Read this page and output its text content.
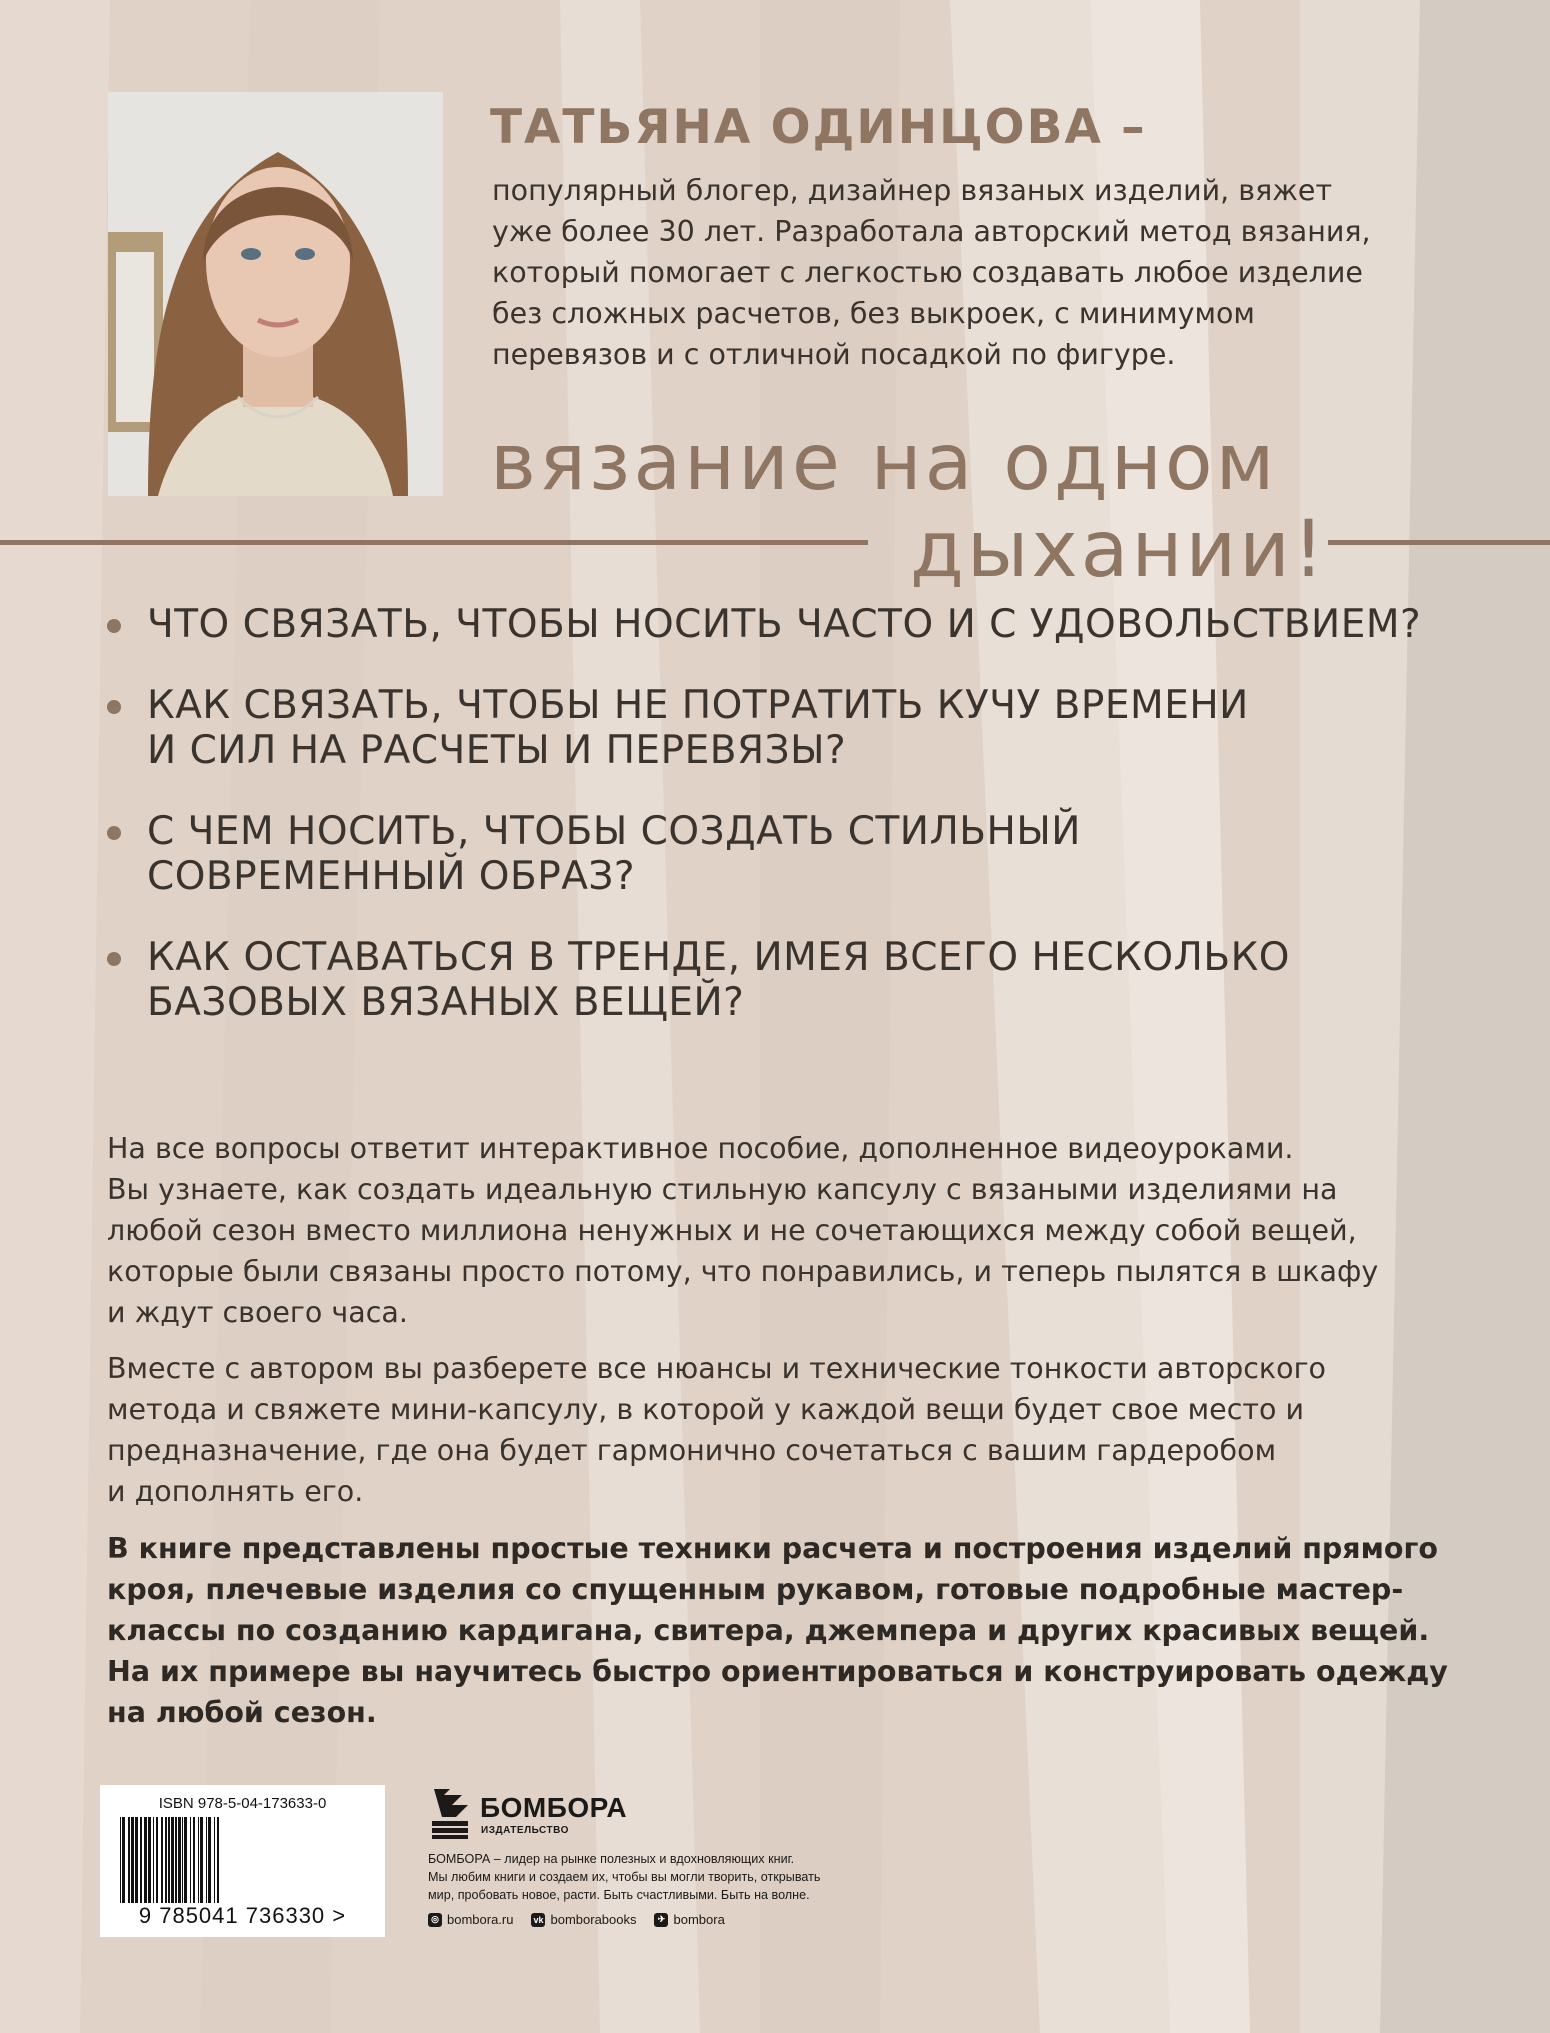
ТАТЬЯНА ОДИНЦОВА –

популярный блогер, дизайнер вязаных изделий, вяжет
уже более 30 лет. Разработала авторский метод вязания,
который помогает с легкостью создавать любое изделие
без сложных расчетов, без выкроек, с минимумом
перевязов и с отличной посадкой по фигуре.

вязание на одном
дыхании!
ЧТО СВЯЗАТЬ, ЧТОБЫ НОСИТЬ ЧАСТО И С УДОВОЛЬСТВИЕМ?
КАК СВЯЗАТЬ, ЧТОБЫ НЕ ПОТРАТИТЬ КУЧУ ВРЕМЕНИ
И СИЛ НА РАСЧЕТЫ И ПЕРЕВЯЗЫ?
С ЧЕМ НОСИТЬ, ЧТОБЫ СОЗДАТЬ СТИЛЬНЫЙ
СОВРЕМЕННЫЙ ОБРАЗ?
КАК ОСТАВАТЬСЯ В ТРЕНДЕ, ИМЕЯ ВСЕГО НЕСКОЛЬКО
БАЗОВЫХ ВЯЗАНЫХ ВЕЩЕЙ?

На все вопросы ответит интерактивное пособие, дополненное видеоуроками.
Вы узнаете, как создать идеальную стильную капсулу с вязаными изделиями на
любой сезон вместо миллиона ненужных и не сочетающихся между собой вещей,
которые были связаны просто потому, что понравились, и теперь пылятся в шкафу
и ждут своего часа.

Вместе с автором вы разберете все нюансы и технические тонкости авторского
метода и свяжете мини-капсулу, в которой у каждой вещи будет свое место и
предназначение, где она будет гармонично сочетаться с вашим гардеробом
и дополнять его.

В книге представлены простые техники расчета и построения изделий прямого
кроя, плечевые изделия со спущенным рукавом, готовые подробные мастер-
классы по созданию кардигана, свитера, джемпера и других красивых вещей.
На их примере вы научитесь быстро ориентироваться и конструировать одежду
на любой сезон.

ISBN 978-5-04-173633-0
9 785041 736330 >
БОМБОРА
ИЗДАТЕЛЬСТВО

БОМБОРА – лидер на рынке полезных и вдохновляющих книг.
Мы любим книги и создаем их, чтобы вы могли творить, открывать
мир, пробовать новое, расти. Быть счастливыми. Быть на волне.

◎ bombora.ru vk bomborabooks	✈ bombora
